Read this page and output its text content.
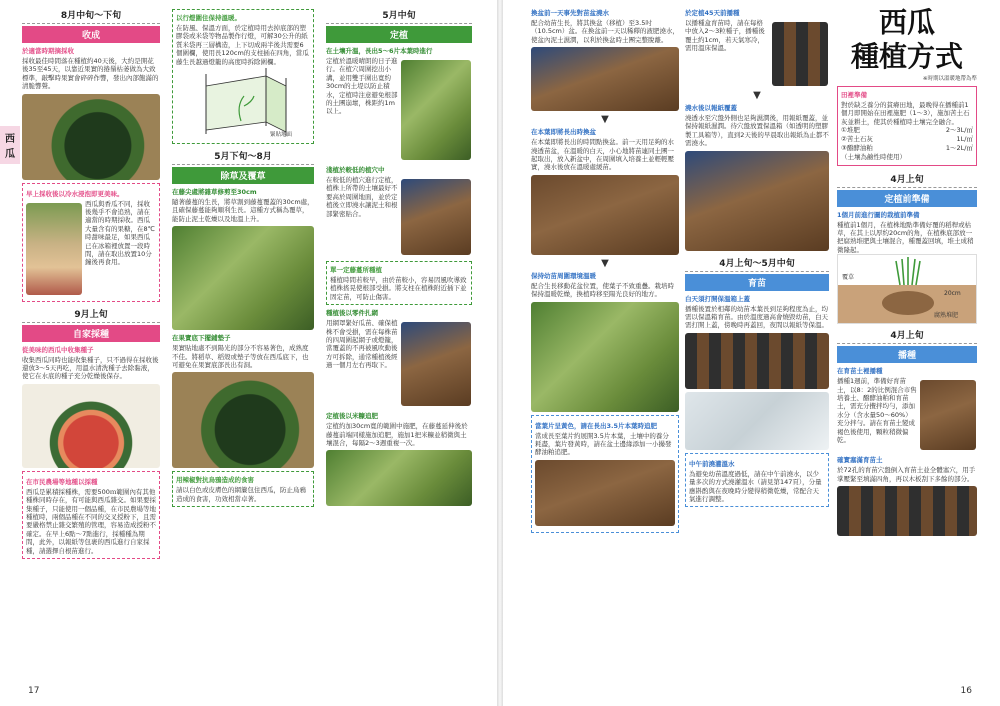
西
瓜
8月中旬～下旬
收成
於適當時期摘採收
採收最佳時間落在種植約40天後，大約是開花後35至45天，以靠近果實的捲鬚枯萎做為大致標準，敲擊時果實會碎碎作響，發出內部飽滿的清脆響聲。
早上採收後以冷水浸泡即更美味。
西瓜與香瓜不同，採收後幾乎不會追熟，請在適當的時期採收。西瓜大量含有的果糖，在8℃時甜味最足，如果西瓜已在冰箱裡放置一段時間，請在取出放置10分鐘後再食用。
9月上旬
自家採種
從美味的西瓜中收集種子
收集西瓜同時也能收集種子，只不過得在採收後還放3～5天再吃，用溫水清洗種子去除黏液，使它在水底的種子充分乾燥後保存。
在市民農場等地種以採種
西瓜是累積採種株，需要500ｍ範圍內有其他種株同時存在，有可能與西瓜雜交。如果要採集種子，只能使用一個品種，在市民農場等地種植時，兩個品種在不同的交叉授粉下，且需要嚴格禁止雜交繁殖的管理，容易造成授粉不確定。在早上6點～7點進行，採種種為期間，此外，以報紙等包裹的西瓜進行自家採種，請選擇自根苗進行。
以行燈圍住保持溫暖。
在防風、保溫方面，於定植時用去掉底部的塑膠袋或米袋等物品製作行燈，可解30公升的紙質米袋再三層構造，上下切成兩半後共需要6個圍欄，使用長120cm的支柱插在四角，當瓜藤生長越過燈籠的高度時拆除圍欄。
緊貼地面
5月下旬～8月
除草及覆草
在藤尖處將雜草修剪至30cm
隨著藤蔓的生長，將草割到藤蔓覆蓋的30cm處，且確保藤蔓能夠順利生長。這種方式稱為覆草，能防止泥土乾燥以及地溫上升。
在果實底下擺鋪墊子
果實貼地處不到陽光的部分不容易著色，成熟度不佳。將稻草、稻殼或墊子等放在西瓜底下，也可避免在果實底部長出有洞。
用辣椒對抗烏鴉造成的食害
請以白色或皮膚色的網簾包住西瓜，防止烏鴉造成的食害，功效相當卓著。
5月中旬
定植
在土壤升溫，長出5～6片本葉時進行
定植於溫暖晴朗的日子進行。在植穴周圍挖出小溝，並用雙手圍出寬約30cm的土堤以防止積水，定植時注意避免根部的土團崩壞，株距約1m以上。
淺植於較低的植穴中
在較低的植穴進行定植，植株上所帶的土壤最好不要高於周圍地面，並於定植後立即澆水讓泥土和根部緊密貼合。
單一定藤蔓所種植
種植時間若較早，由於苗較小，容易因風吹導致植株搖晃使根部受損。將支柱在植株附近插下並固定苗，可防止傷害。
種植後以零件扎網
用網罩緊好瓜苗、確保植株不會受損，需在每株苗的四周圍起網子或燈籠，當覆蓋的不再被風吹動後方可拆除，通常種植後經過一個月左右再取下。
定植後以米糠追肥
定植約加30cm寬的範圍中施肥，在藤蔓延伸後於藤蔓前端同樣施加追肥，施加1把米糠並稍微與土壤混合，每隔2～3週重複一次。
17
換盆前一天事先對苗盆澆水
配合幼苗生長，將其換盆（移植）至3.5吋（10.5cm）盆。在換盆前一天以稀釋的液肥澆水，使盆內泥土濕潤，以利於換盆時土團完整脫離。
▼
在本葉即將長出時換盆
在本葉即將長出的時間點換盆。前一天用足夠的水澆透苗盆，在溫暖的白天，小心地將苗連同土團一起取出，放入新盆中，在周圍填入培養土並輕輕壓實，澆水後放在溫暖處緩苗。
▼
保持幼苗周圍環境溫暖
配合生長移動花盆位置，使葉子不致重疊。栽培時保持溫暖乾燥，換植時移至陽光良好的地方。
當葉片呈黃色，請在長出3.5片本葉時追肥
當成長至葉片約展開3.5片本葉，土壤中的養分耗盡，葉片發黃時，請在盆土邊緣添加一小撮發酵油粕追肥。
於定植45天前播種
以播種盒育苗時，請在每格中放入2～3粒種子，播種後覆土約1cm，若天氣寒冷，需用溫床保溫。
▼
澆水後以報紙覆蓋
澆透水至穴盤外側也足夠濕潤後，用報紙覆蓋，並保持報紙濕潤。待穴盤放置保溫箱（如透明的塑膠製工具箱等），直到2天後的早晨取出報紙為止都不需澆水。
4月上旬～5月中旬
育苗
白天須打開保溫箱上蓋
播種後置於相鄰的幼苗本葉長到足夠程度為止，均需以保溫箱育苗。由於溫度過高會燒毀幼苗，白天需打開上蓋，傍晚時再蓋回，夜間以報紙等保溫。
中午前澆灌溫水
為避免幼苗溫度過低，請在中午前澆水，以少量多次的方式澆灌溫水（請見第147頁），分量應斟酌與在夜晚時分變得稍微乾燥，常配合天氣進行調整。
西瓜
種植方式
※時期以溫暖地帶為準
田裡準備
對於缺乏養分的貧瘠田地，最晚得在播種前1個月即開始在田裡施肥（1～3），施加苦土石灰並耕土，使其於種植時土壤完全融合。
①堆肥	2～3L/㎡
②苦土石灰	1L/㎡
③醱酵油粕	1～2L/㎡
（土壤為鹼性時使用）
4月上旬
定植前準備
1個月前進行圖的栽植前準備
種植前1個月，在植株地點準備好覆的稻稈或枯草，在其上以厚約20cm的角，在植株底部放一把腐熟堆肥與土壤混合，種覆蓋回填，堆土成稍微隆起。
覆草
20cm
腐熟堆肥
4月上旬
播種
在育苗土裡播種
播種1週前，準備好育苗土，以8：2的比例混合市售培養土、醱酵油粕和育苗土，需充分攪拌均勻，添加水分（含水量50～60%）充分拌勻。請在育苗土變成褐色後使用，顆粒稍微偏乾。
確實塞滿育苗土
於72孔的育苗穴盤倒入育苗土並全體塞穴，用手掌壓緊至填滿四角，再以木板刮下多餘的部分。
16
